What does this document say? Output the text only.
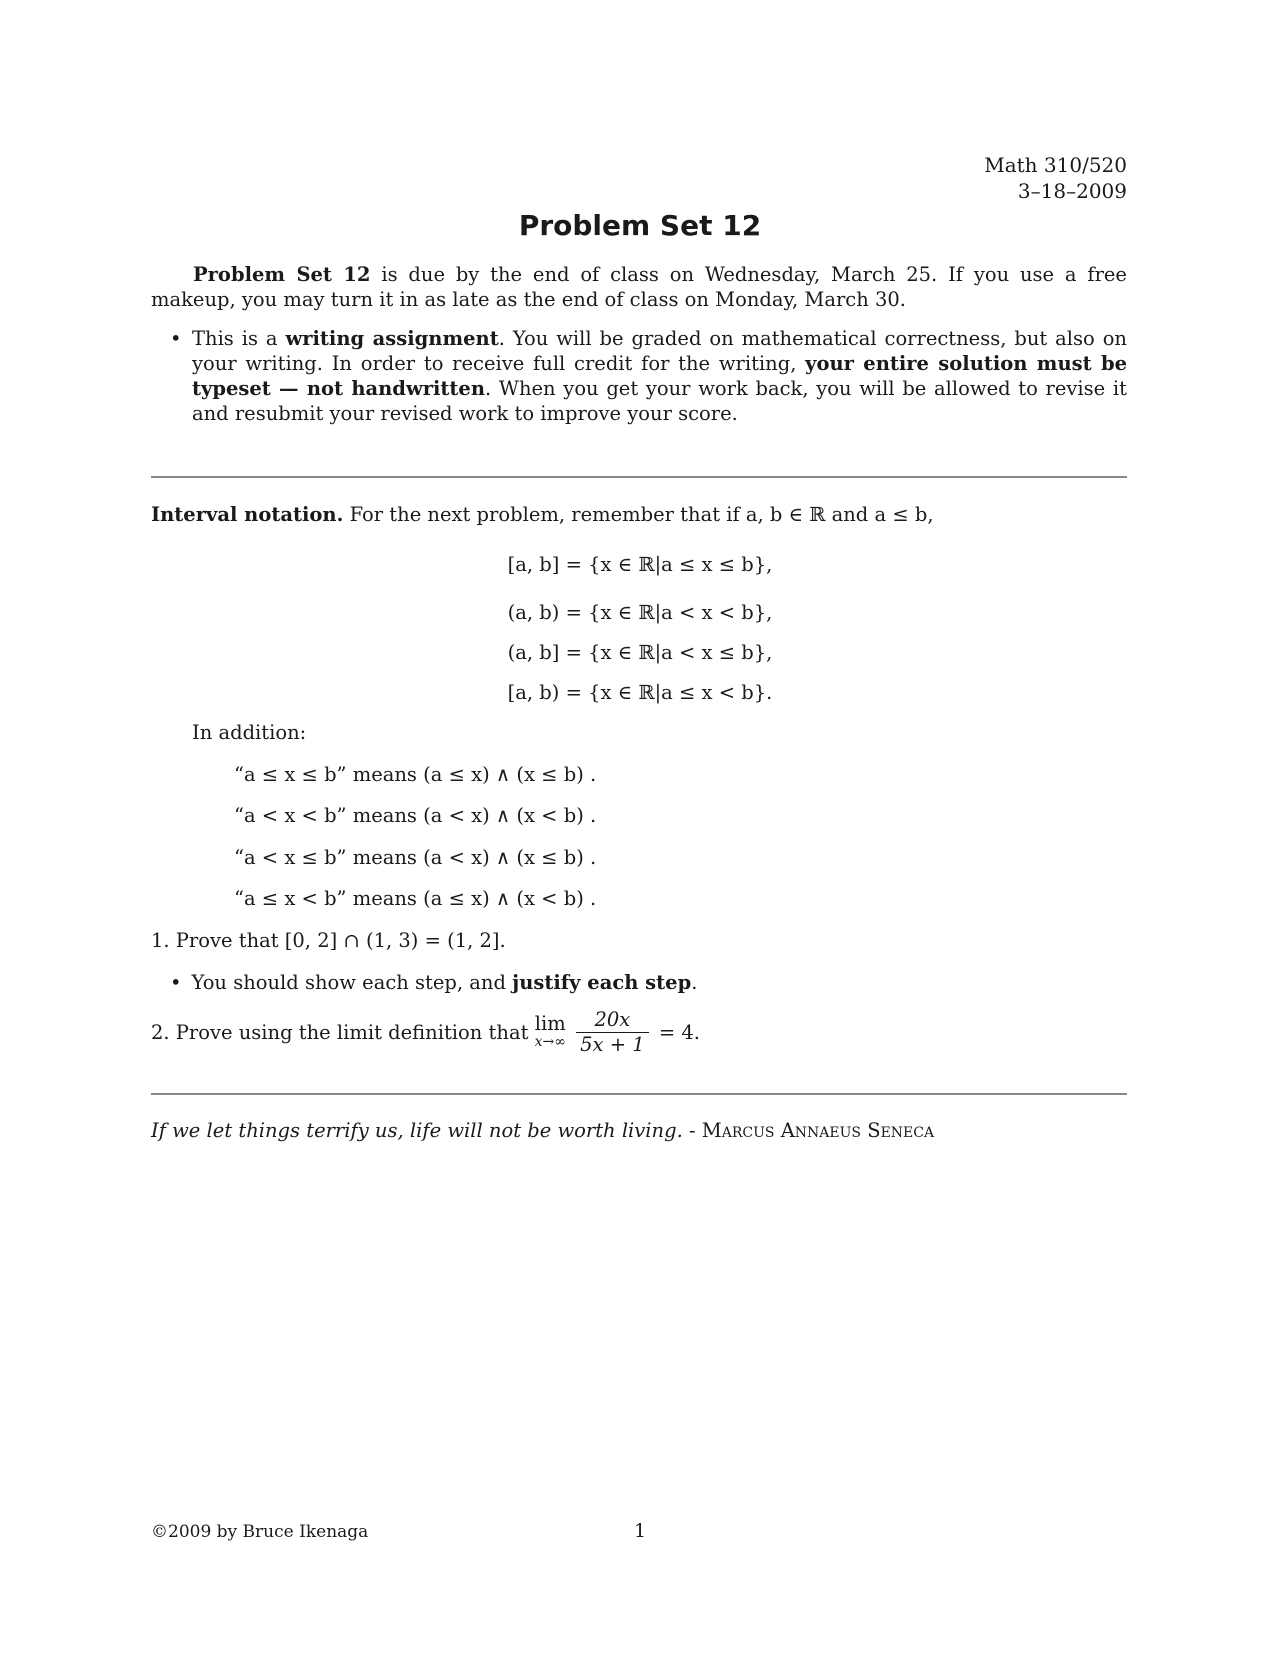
Math 310/520
3–18–2009
Problem Set 12
Problem Set 12 is due by the end of class on Wednesday, March 25. If you use a free makeup, you may turn it in as late as the end of class on Monday, March 30.
• This is a writing assignment. You will be graded on mathematical correctness, but also on your writing. In order to receive full credit for the writing, your entire solution must be typeset — not handwritten. When you get your work back, you will be allowed to revise it and resubmit your revised work to improve your score.
Interval notation. For the next problem, remember that if a, b ∈ ℝ and a ≤ b,
[a, b] = {x ∈ ℝ|a ≤ x ≤ b},
(a, b) = {x ∈ ℝ|a < x < b},
(a, b] = {x ∈ ℝ|a < x ≤ b},
[a, b) = {x ∈ ℝ|a ≤ x < b}.
In addition:
“a ≤ x ≤ b” means (a ≤ x) ∧ (x ≤ b) .
“a < x < b” means (a < x) ∧ (x < b) .
“a < x ≤ b” means (a < x) ∧ (x ≤ b) .
“a ≤ x < b” means (a ≤ x) ∧ (x < b) .
1. Prove that [0, 2] ∩ (1, 3) = (1, 2].
• You should show each step, and justify each step.
2. Prove using the limit definition that lim
x→∞
$\frac{20x}{5x + 1} = 4$.
If we let things terrify us, life will not be worth living. - Marcus Annaeus Seneca
©2009 by Bruce Ikenaga	1
